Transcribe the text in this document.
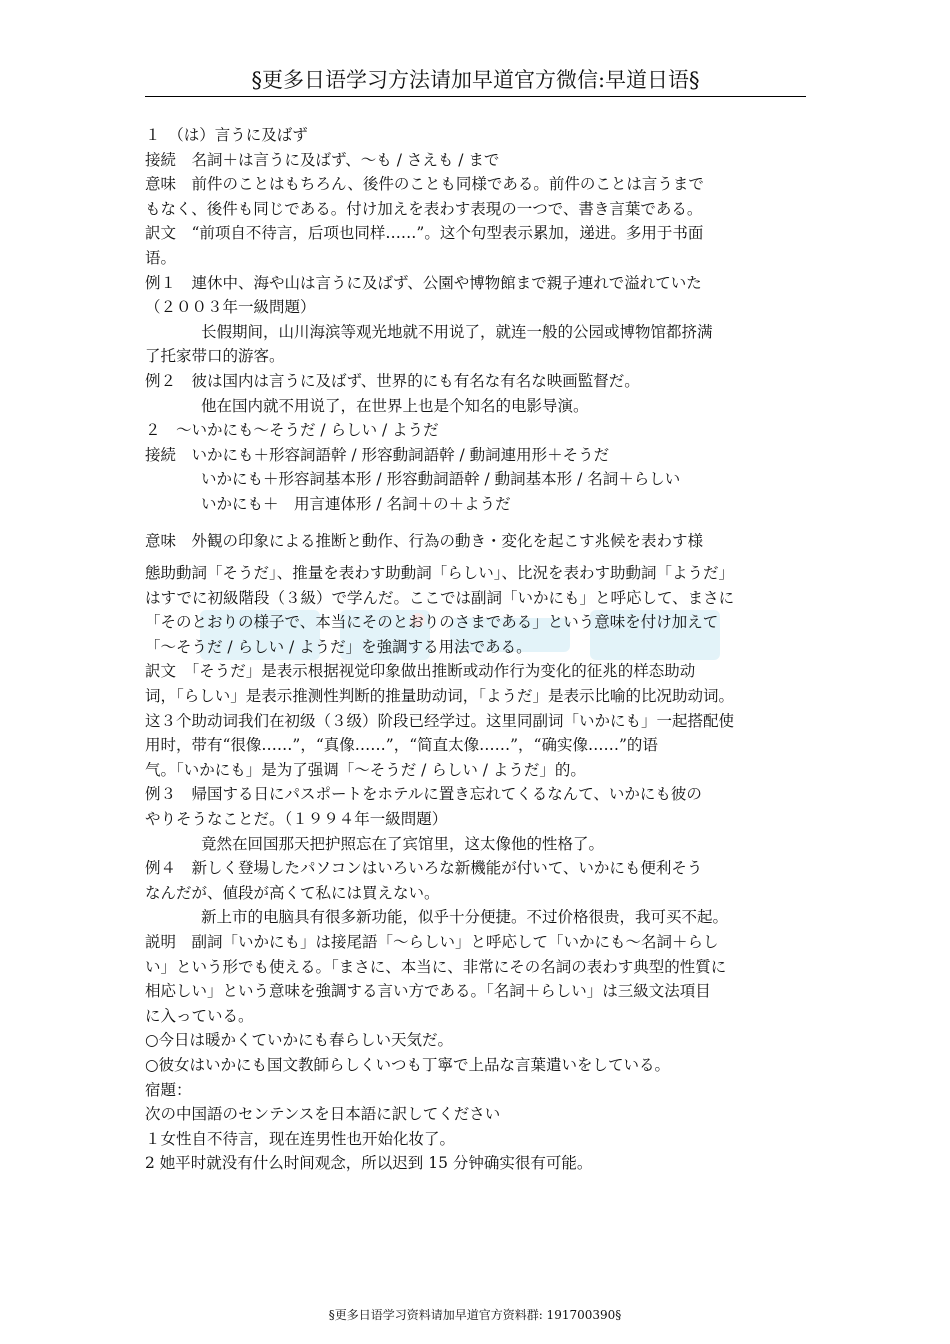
§更多日语学习方法请加早道官方微信:早道日语§

１　（は）言うに及ばず

接続　名詞＋は言うに及ばず、～も / さえも / まで

意味　前件のことはもちろん、後件のことも同様である。前件のことは言うまで

もなく、後件も同じである。付け加えを表わす表現の一つで、書き言葉である。

訳文　“前项自不待言，后项也同样……”。这个句型表示累加，递进。多用于书面

语。

例１　連休中、海や山は言うに及ばず、公園や博物館まで親子連れで溢れていた

（２００３年一級問題）

长假期间，山川海滨等观光地就不用说了，就连一般的公园或博物馆都挤满

了托家带口的游客。

例２　彼は国内は言うに及ばず、世界的にも有名な有名な映画監督だ。

他在国内就不用说了，在世界上也是个知名的电影导演。

２　～いかにも～そうだ / らしい / ようだ

接続　いかにも＋形容詞語幹 / 形容動詞語幹 / 動詞連用形＋そうだ

いかにも＋形容詞基本形 / 形容動詞語幹 / 動詞基本形 / 名詞＋らしい

いかにも＋　用言連体形 / 名詞＋の＋ようだ

意味　外観の印象による推断と動作、行為の動き・変化を起こす兆候を表わす様

態助動詞「そうだ」、推量を表わす助動詞「らしい」、比況を表わす助動詞「ようだ」

はすでに初級階段（３級）で学んだ。ここでは副詞「いかにも」と呼応して、まさに

「そのとおりの様子で、本当にそのとおりのさまである」という意味を付け加えて

「～そうだ / らしい / ようだ」を強調する用法である。

訳文　「そうだ」是表示根据视觉印象做出推断或动作行为变化的征兆的样态助动

词，「らしい」是表示推测性判断的推量助动词，「ようだ」是表示比喻的比况助动词。

这３个助动词我们在初级（３级）阶段已经学过。这里同副词「いかにも」一起搭配使

用时，带有“很像……”，“真像……”，“简直太像……”，“确实像……”的语

气。「いかにも」是为了强调「～そうだ / らしい / ようだ」的。

例３　帰国する日にパスポートをホテルに置き忘れてくるなんて、いかにも彼の

やりそうなことだ。（１９９４年一級問題）

竟然在回国那天把护照忘在了宾馆里，这太像他的性格了。

例４　新しく登場したパソコンはいろいろな新機能が付いて、いかにも便利そう

なんだが、値段が高くて私には買えない。

新上市的电脑具有很多新功能，似乎十分便捷。不过价格很贵，我可买不起。

説明　副詞「いかにも」は接尾語「～らしい」と呼応して「いかにも～名詞＋らし

い」という形でも使える。「まさに、本当に、非常にその名詞の表わす典型的性質に

相応しい」という意味を強調する言い方である。「名詞＋らしい」は三級文法項目

に入っている。

○今日は暖かくていかにも春らしい天気だ。

○彼女はいかにも国文教師らしくいつも丁寧で上品な言葉遣いをしている。

宿題：

次の中国語のセンテンスを日本語に訳してください

１女性自不待言，现在连男性也开始化妆了。

2 她平时就没有什么时间观念，所以迟到 15 分钟确实很有可能。

§更多日语学习资料请加早道官方资料群: 191700390§
